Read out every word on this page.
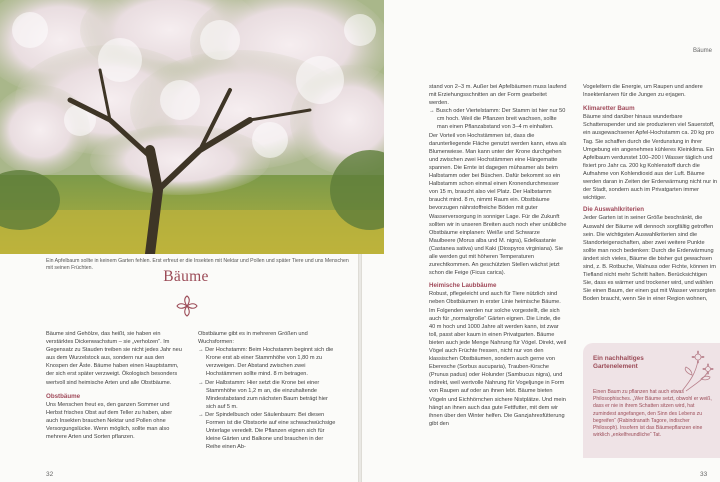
Ein Apfelbaum sollte in keinem Garten fehlen. Erst erfreut er die Insekten mit Nektar und Pollen und später Tiere und uns Menschen mit seinen Früchten.	Bäume

Bäume sind Gehölze, das heißt, sie haben ein verstärktes Dickenwachstum – sie „verholzen“. Im Gegensatz zu Stauden treiben sie nicht jedes Jahr neu aus dem Wurzelstock aus, sondern nur aus den Knospen der Äste. Bäume haben einen Hauptstamm, der sich erst später verzweigt. Ökologisch besonders wertvoll sind heimische Arten und alle Obstbäume.

Obstbäume

Uns Menschen freut es, den ganzen Sommer und Herbst frisches Obst auf dem Teller zu haben, aber auch Insekten brauchen Nektar und Pollen ohne Versorgungslücke. Wenn möglich, sollte man also mehrere Arten und Sorten pflanzen.

Obstbäume gibt es in mehreren Größen und Wuchsformen:

→ Der Hochstamm: Beim Hochstamm beginnt sich die Krone erst ab einer Stammhöhe von 1,80 m zu verzweigen. Der Abstand zwischen zwei Hochstämmen sollte mind. 8 m betragen.

→ Der Halbstamm: Hier setzt die Krone bei einer Stammhöhe von 1,2 m an, die einzuhaltende Mindestabstand zum nächsten Baum beträgt hier sich auf 5 m.

→ Der Spindelbusch oder Säulenbaum: Bei diesen Formen ist die Obstsorte auf eine schwachwüchsige Unterlage veredelt. Die Pflanzen eignen sich für kleine Gärten und Balkone und brauchen in der Reihe einen Ab-

32
Bäume

stand von 2–3 m. Außer bei Apfelbäumen muss laufend mit Erziehungsschnitten an der Form gearbeitet werden.

→ Busch oder Viertelstamm: Der Stamm ist hier nur 50 cm hoch. Weil die Pflanzen breit wachsen, sollte man einen Pflanzabstand von 3–4 m einhalten.

Der Vorteil von Hochstämmen ist, dass die darunterliegende Fläche genutzt werden kann, etwa als Blumenwiese. Man kann unter der Krone durchgehen und zwischen zwei Hochstämmen eine Hängematte spannen. Die Ernte ist dagegen mühsamer als beim Halbstamm oder bei Büschen. Dafür bekommt so ein Halbstamm schon einmal einen Kronendurchmesser von 15 m, braucht also viel Platz. Der Halbstamm braucht mind. 8 m, nimmt Raum ein. Obstbäume bevorzugen nährstoffreiche Böden mit guter Wasserversorgung in sonniger Lage. Für die Zukunft sollten wir in unseren Breiten auch noch eher unübliche Obstbäume einplanen: Weiße und Schwarze Maulbeere (Morus alba und M. nigra), Edelkastanie (Castanea sativa) und Kaki (Diospyros virginiana). Sie alle werden gut mit höheren Temperaturen zurechtkommen. An geschützten Stellen wächst jetzt schon die Feige (Ficus carica).

Heimische Laubbäume

Robust, pflegeleicht und auch für Tiere nützlich sind neben Obstbäumen in erster Linie heimische Bäume. Im Folgenden werden nur solche vorgestellt, die sich auch für „normalgroße“ Gärten eignen. Die Linde, die 40 m hoch und 1000 Jahre alt werden kann, ist zwar toll, passt aber kaum in einen Privatgarten. Bäume bieten auch jede Menge Nahrung für Vögel. Direkt, weil Vögel auch Früchte fressen, nicht nur von den klassischen Obstbäumen, sondern auch gerne von Eberesche (Sorbus aucuparia), Trauben-Kirsche (Prunus padus) oder Holunder (Sambucus nigra), und indirekt, weil wertvolle Nahrung für Vogeljunge in Form von Raupen auf oder an ihnen lebt. Bäume bieten Vögeln und Eichhörnchen sichere Nistplätze. Und mein hängt an ihnen auch das gute Fettfutter, mit dem wir ihnen über den Winter helfen. Die Ganzjahresfütterung gibt den

Vogeleltern die Energie, um Raupen und andere Insektenlarven für die Jungen zu erjagen.

Klimaretter Baum

Bäume sind darüber hinaus wunderbare Schattenspender und sie produzieren viel Sauerstoff, ein ausgewachsener Apfel-Hochstamm ca. 20 kg pro Tag. Sie schaffen durch die Verdunstung in ihrer Umgebung ein angenehmes kühleres Kleinklima. Ein Apfelbaum verdunstet 100–200 l Wasser täglich und fixiert pro Jahr ca. 200 kg Kohlenstoff durch die Aufnahme von Kohlendioxid aus der Luft. Bäume werden daran in Zeiten der Erderwärmung nicht nur in der Stadt, sondern auch im Privatgarten immer wichtiger.

Die Auswahlkriterien

Jeder Garten ist in seiner Größe beschränkt, die Auswahl der Bäume will dennoch sorgfältig getroffen sein. Die wichtigsten Auswahlkriterien sind die Standorteigenschaften, aber zwei weitere Punkte sollte man noch bedenken: Durch die Erderwärmung ändert sich vieles, Bäume die bisher gut gewachsen sind, z. B. Rotbuche, Walnuss oder Fichte, können im Tiefland nicht mehr Schritt halten. Berücksichtigen Sie, dass es wärmer und trockener wird, und wählen Sie einen Baum, der einen gut mit Wasser versorgten Boden braucht, wenn Sie in einer Region wohnen,

Ein nachhaltiges Gartenelement
Einen Baum zu pflanzen hat auch etwas Philosophisches. „Wer Bäume setzt, obwohl er weiß, dass er nie in ihrem Schatten sitzen wird, hat zumindest angefangen, den Sinn des Lebens zu begreifen“ (Rabindranath Tagore, indischer Philosoph). Insofern ist das Bäumepflanzen eine wirklich „enkelfreundliche“ Tat.
33
